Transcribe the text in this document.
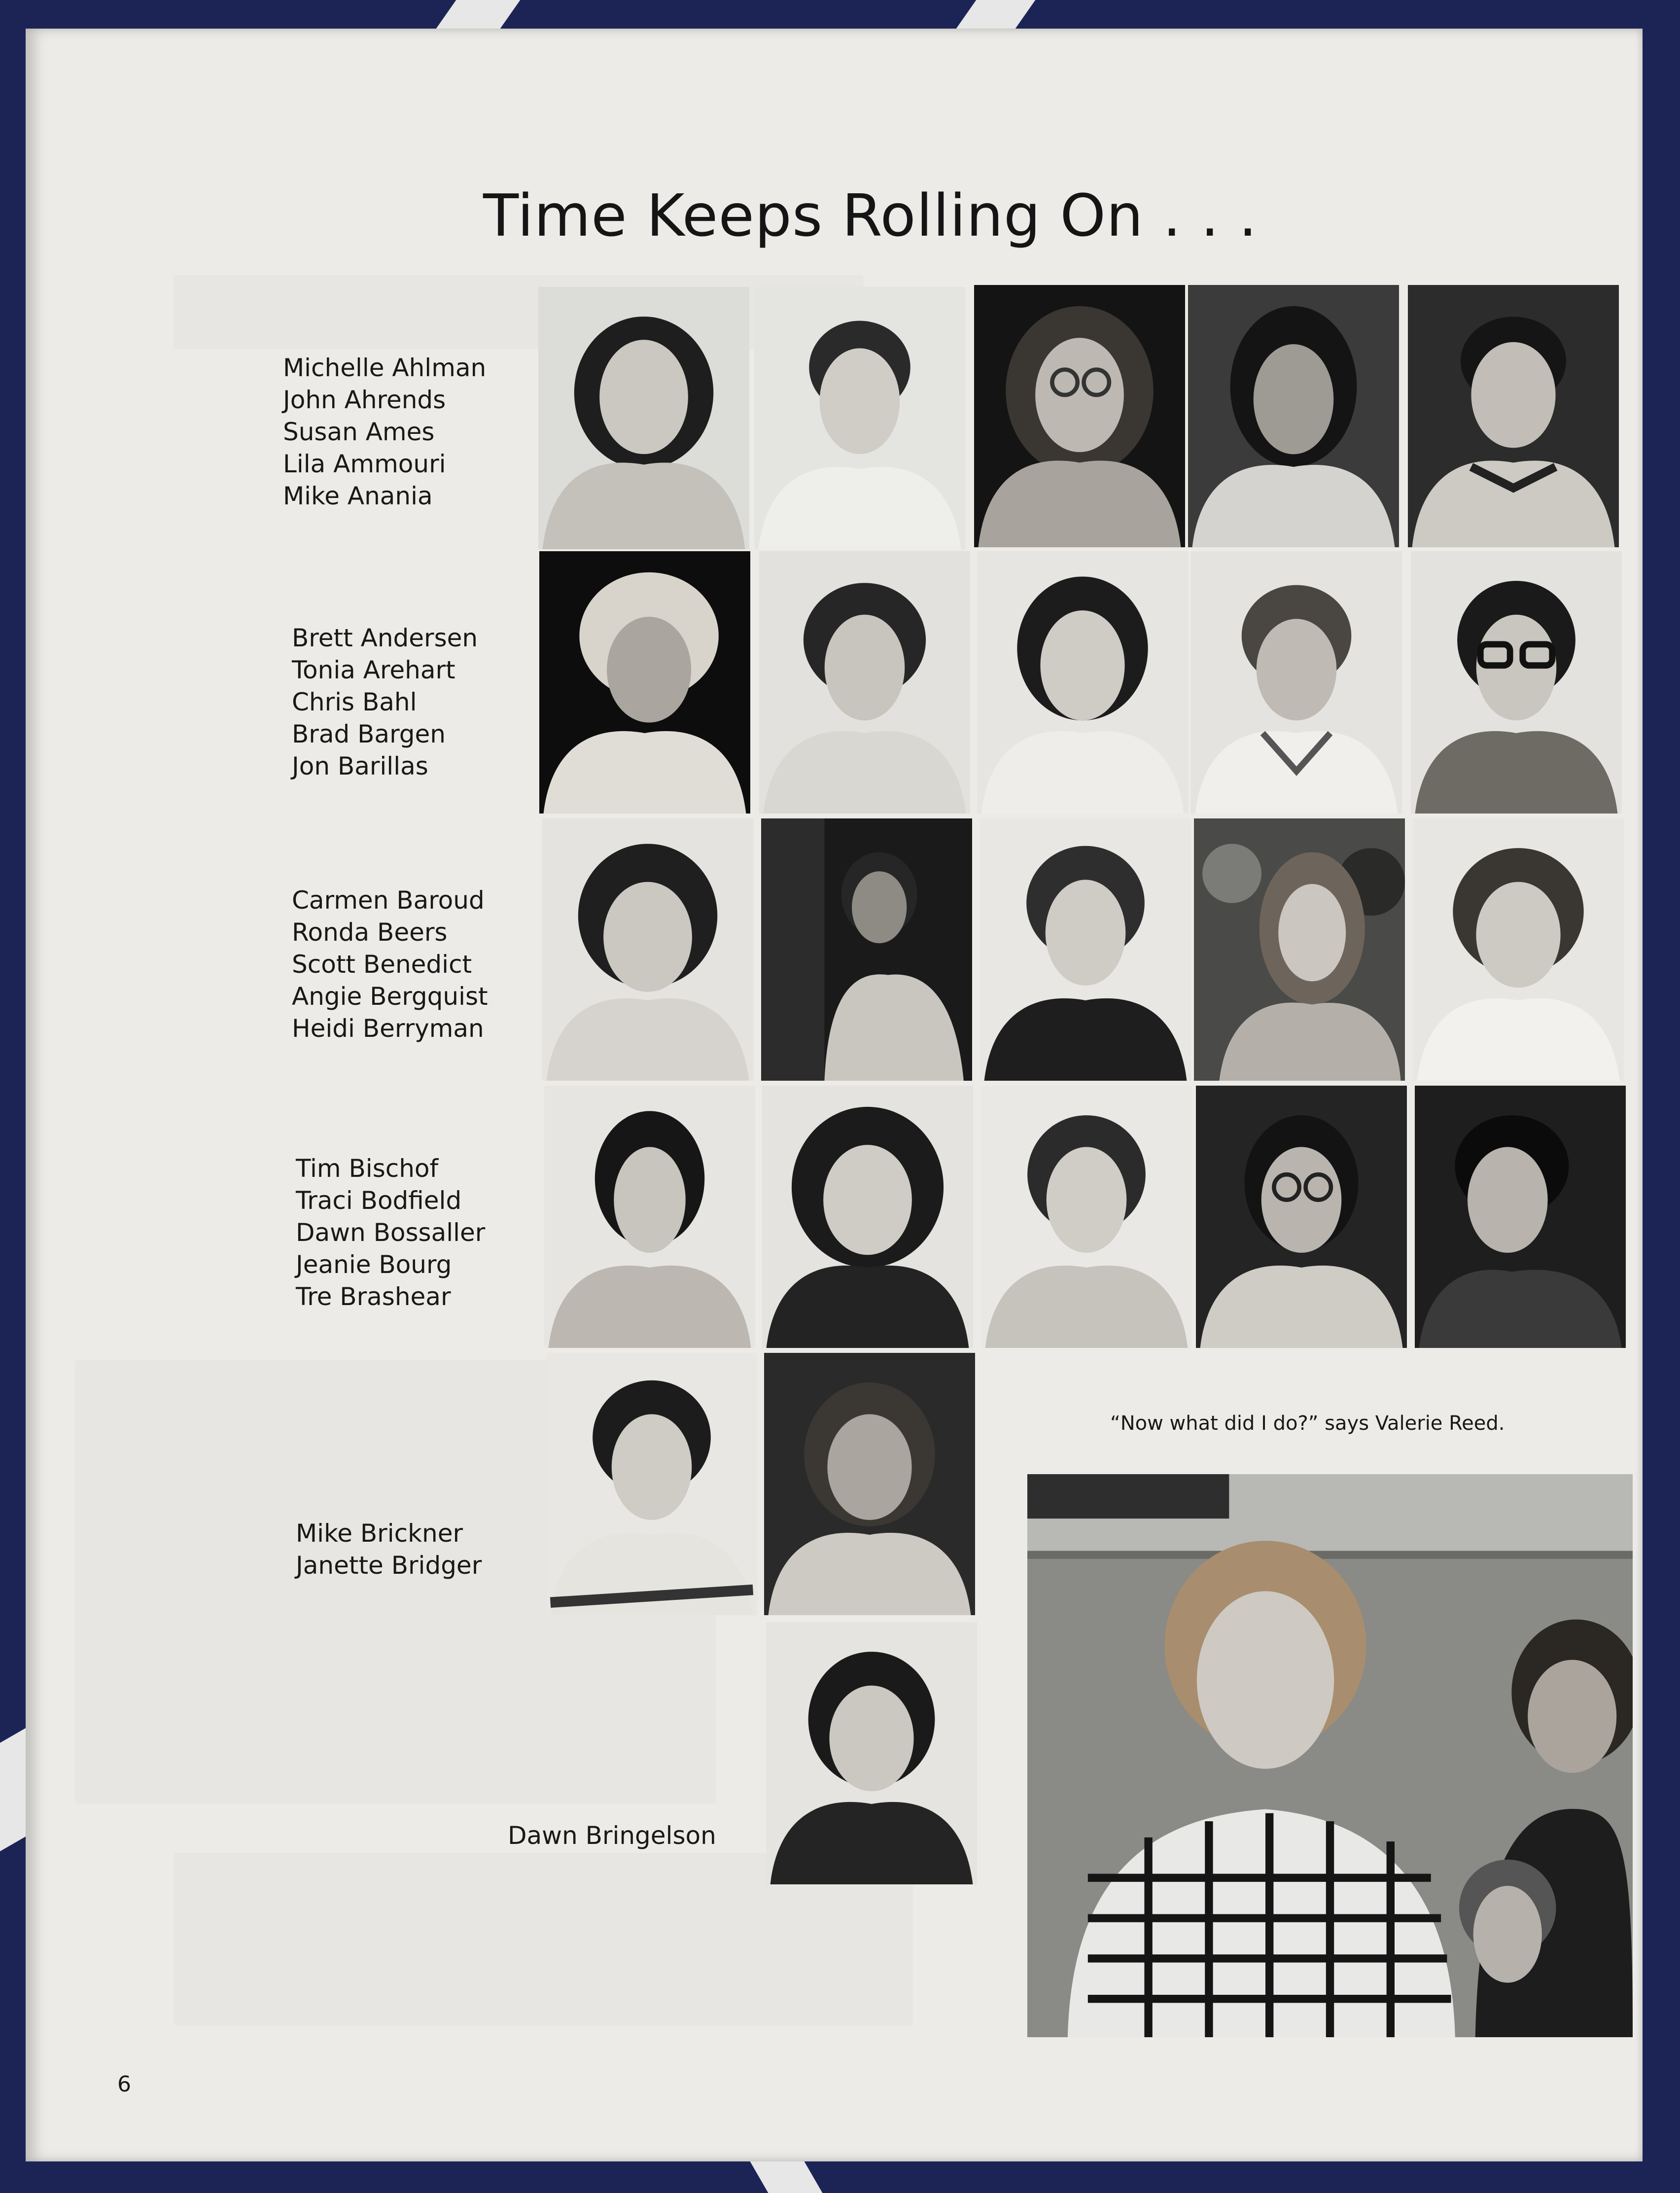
Time Keeps Rolling On . . .
Michelle Ahlman
John Ahrends
Susan Ames
Lila Ammouri
Mike Anania
Brett Andersen
Tonia Arehart
Chris Bahl
Brad Bargen
Jon Barillas
Carmen Baroud
Ronda Beers
Scott Benedict
Angie Bergquist
Heidi Berryman
Tim Bischof
Traci Bodfield
Dawn Bossaller
Jeanie Bourg
Tre Brashear
Mike Brickner
Janette Bridger
Dawn Bringelson
“Now what did I do?” says Valerie Reed.
6
